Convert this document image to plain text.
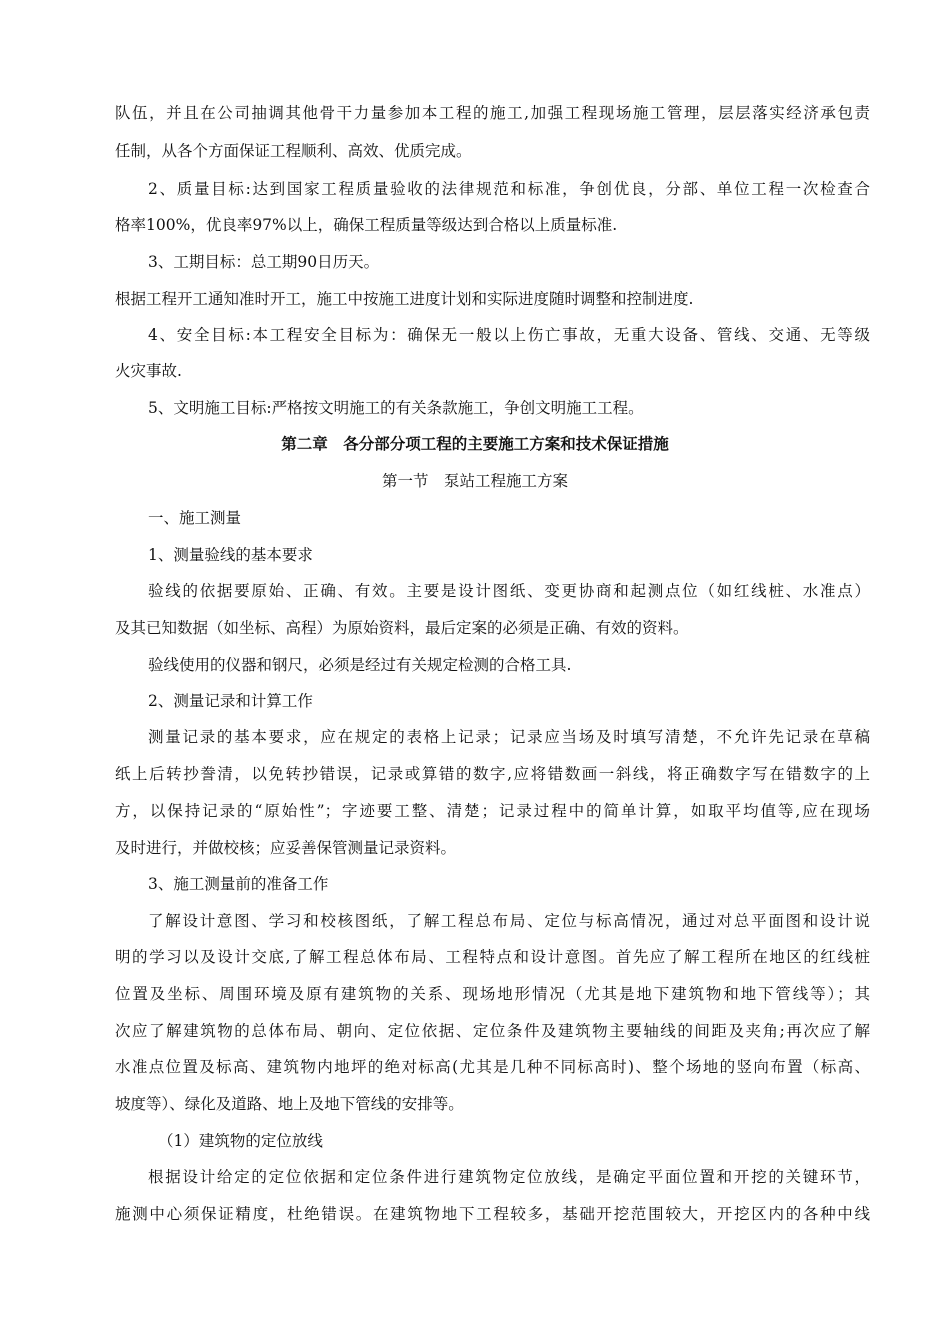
队伍，并且在公司抽调其他骨干力量参加本工程的施工,加强工程现场施工管理，层层落实经济承包责
任制，从各个方面保证工程顺利、高效、优质完成。
2、质量目标:达到国家工程质量验收的法律规范和标准，争创优良，分部、单位工程一次检查合
格率100%，优良率97%以上，确保工程质量等级达到合格以上质量标准.
3、工期目标：总工期90日历天。
根据工程开工通知准时开工，施工中按施工进度计划和实际进度随时调整和控制进度.
4、安全目标:本工程安全目标为：确保无一般以上伤亡事故，无重大设备、管线、交通、无等级
火灾事故.
5、文明施工目标:严格按文明施工的有关条款施工，争创文明施工工程。
第二章　各分部分项工程的主要施工方案和技术保证措施
第一节　泵站工程施工方案
一、施工测量
1、测量验线的基本要求
验线的依据要原始、正确、有效。主要是设计图纸、变更协商和起测点位（如红线桩、水准点）
及其已知数据（如坐标、高程）为原始资料，最后定案的必须是正确、有效的资料。
验线使用的仪器和钢尺，必须是经过有关规定检测的合格工具.
2、测量记录和计算工作
测量记录的基本要求，应在规定的表格上记录；记录应当场及时填写清楚，不允许先记录在草稿
纸上后转抄誊清，以免转抄错误，记录或算错的数字,应将错数画一斜线，将正确数字写在错数字的上
方，以保持记录的“原始性”；字迹要工整、清楚；记录过程中的简单计算，如取平均值等,应在现场
及时进行，并做校核；应妥善保管测量记录资料。
3、施工测量前的准备工作
了解设计意图、学习和校核图纸，了解工程总布局、定位与标高情况，通过对总平面图和设计说
明的学习以及设计交底,了解工程总体布局、工程特点和设计意图。首先应了解工程所在地区的红线桩
位置及坐标、周围环境及原有建筑物的关系、现场地形情况（尤其是地下建筑物和地下管线等）；其
次应了解建筑物的总体布局、朝向、定位依据、定位条件及建筑物主要轴线的间距及夹角;再次应了解
水准点位置及标高、建筑物内地坪的绝对标高(尤其是几种不同标高时)、整个场地的竖向布置（标高、
坡度等）、绿化及道路、地上及地下管线的安排等。
（1）建筑物的定位放线
根据设计给定的定位依据和定位条件进行建筑物定位放线，是确定平面位置和开挖的关键环节，
施测中心须保证精度，杜绝错误。在建筑物地下工程较多，基础开挖范围较大，开挖区内的各种中线
